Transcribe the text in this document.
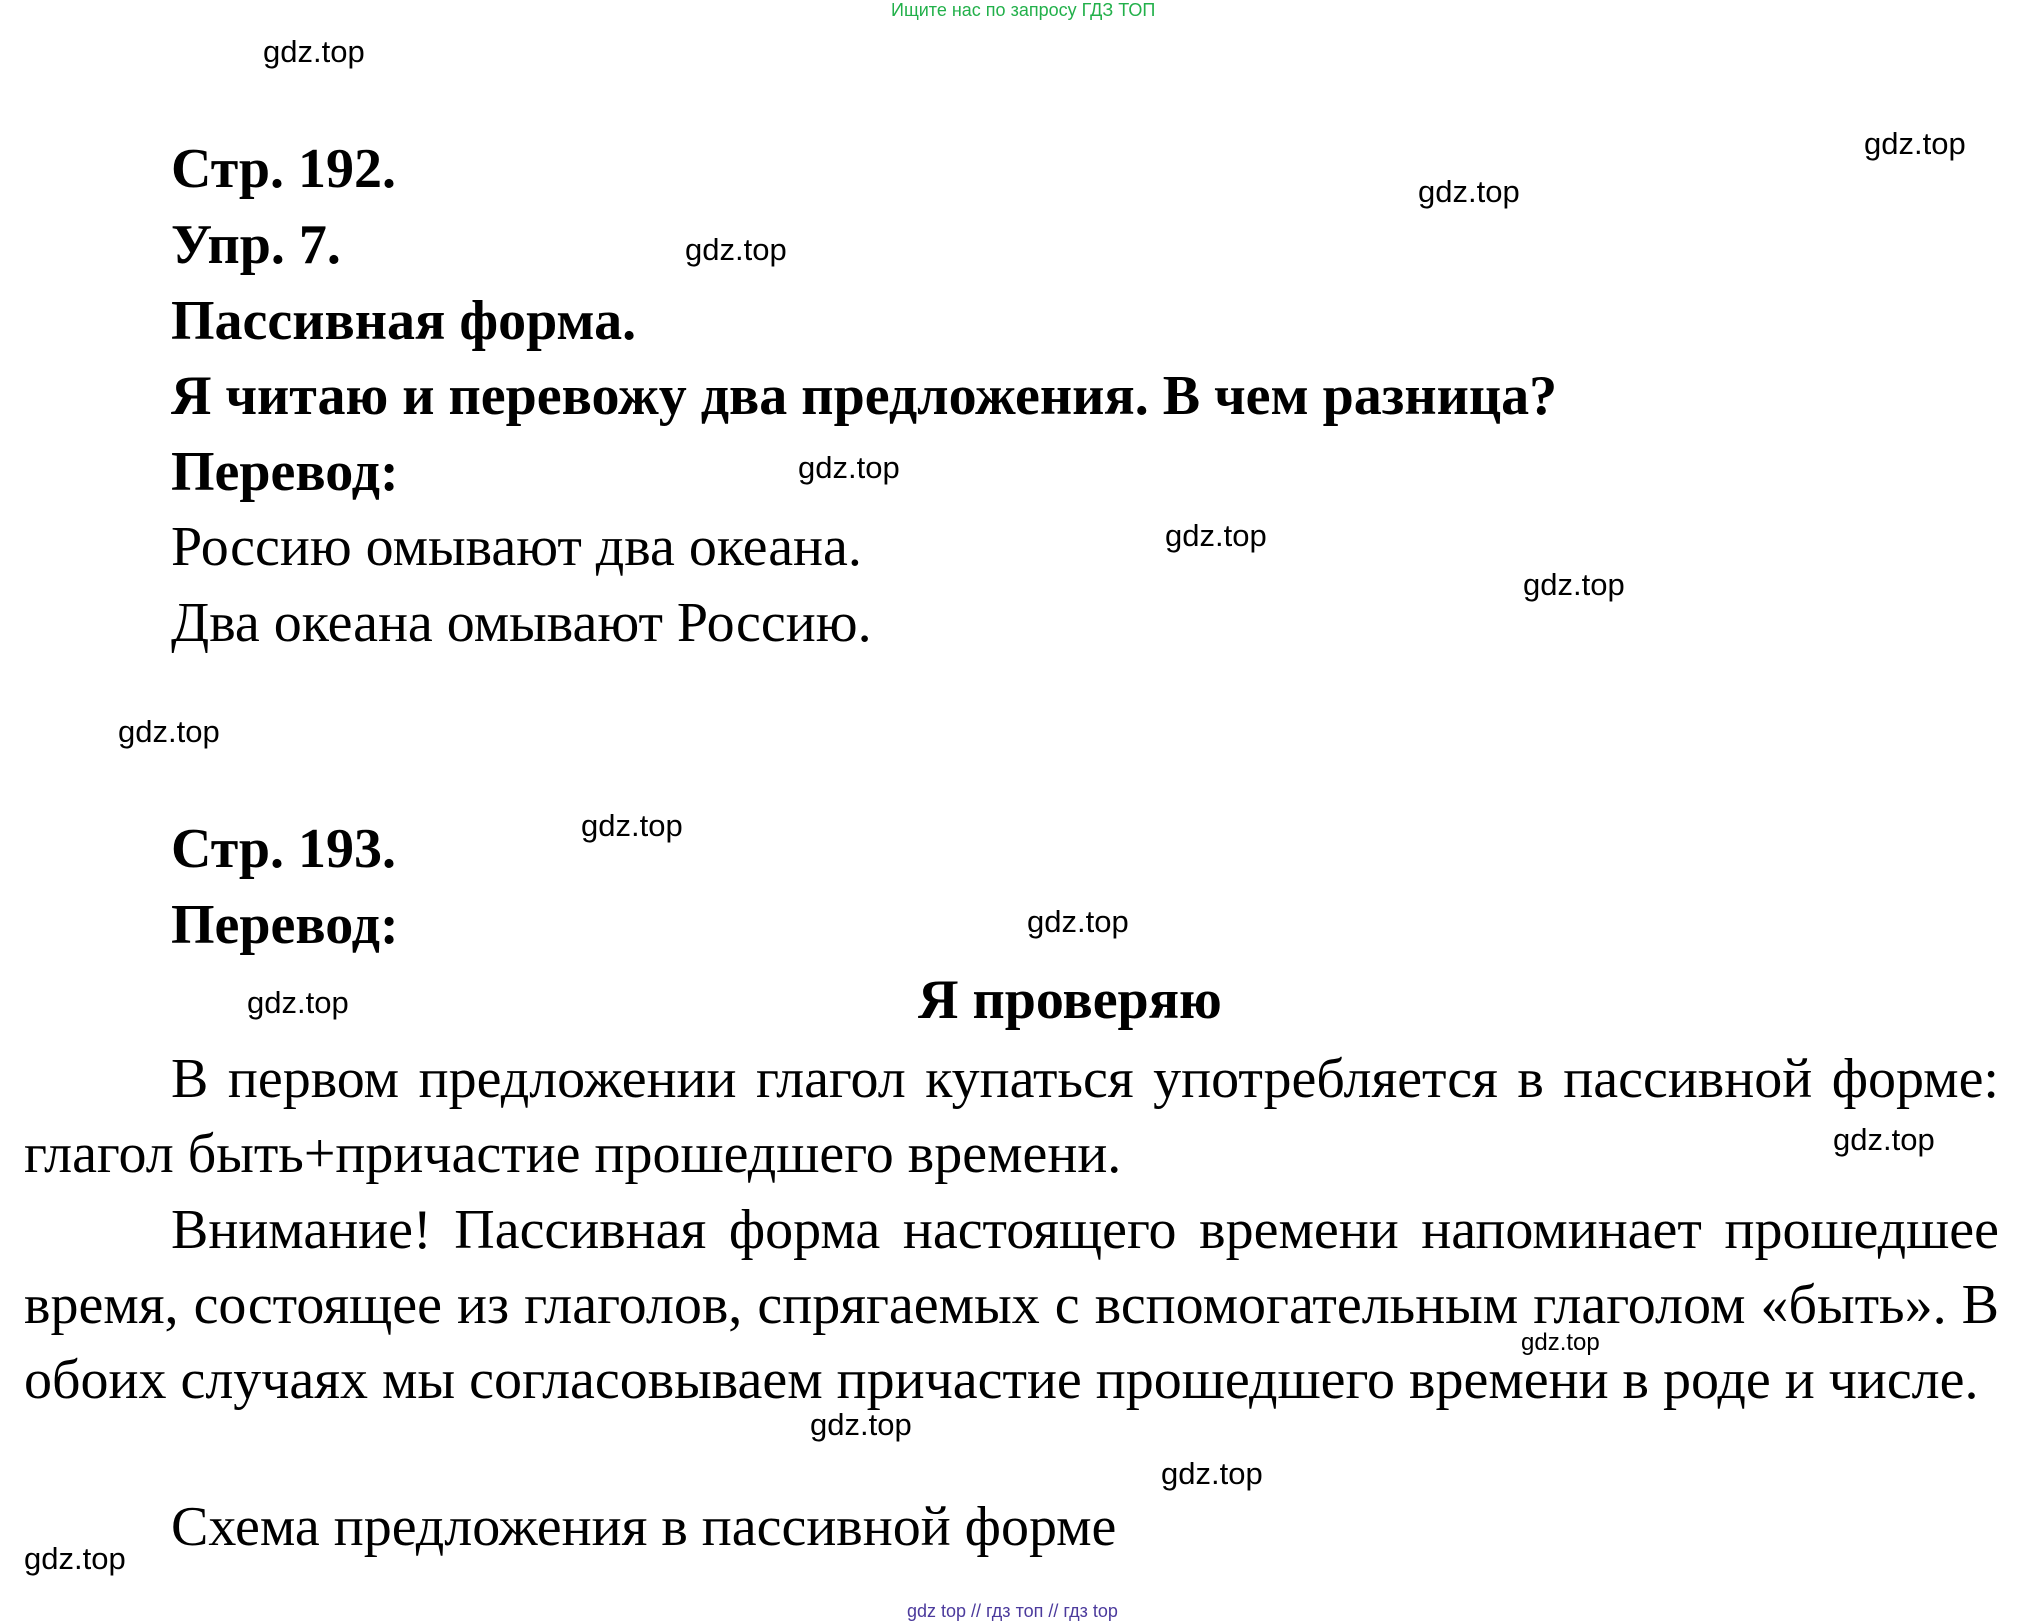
Ищите нас по запросу ГДЗ ТОП
gdz.top
gdz.top
gdz.top
gdz.top
gdz.top
gdz.top
gdz.top
gdz.top
gdz.top
gdz.top
gdz.top
gdz.top
gdz.top
gdz.top
gdz.top
gdz.top
Стр. 192.
Упр. 7.
Пассивная форма.
Я читаю и перевожу два предложения. В чем разница?
Перевод:
Россию омывают два океана.
Два океана омывают Россию.
Стр. 193.
Перевод:
Я проверяю
В первом предложении глагол купаться употребляется в пассивной форме: глагол быть+причастие прошедшего времени.
Внимание! Пассивная форма настоящего времени напоминает прошедшее время, состоящее из глаголов, спрягаемых с вспомогательным глаголом «быть». В обоих случаях мы согласовываем причастие прошедшего времени в роде и числе.
Схема предложения в пассивной форме
gdz top // гдз топ // гдз top
